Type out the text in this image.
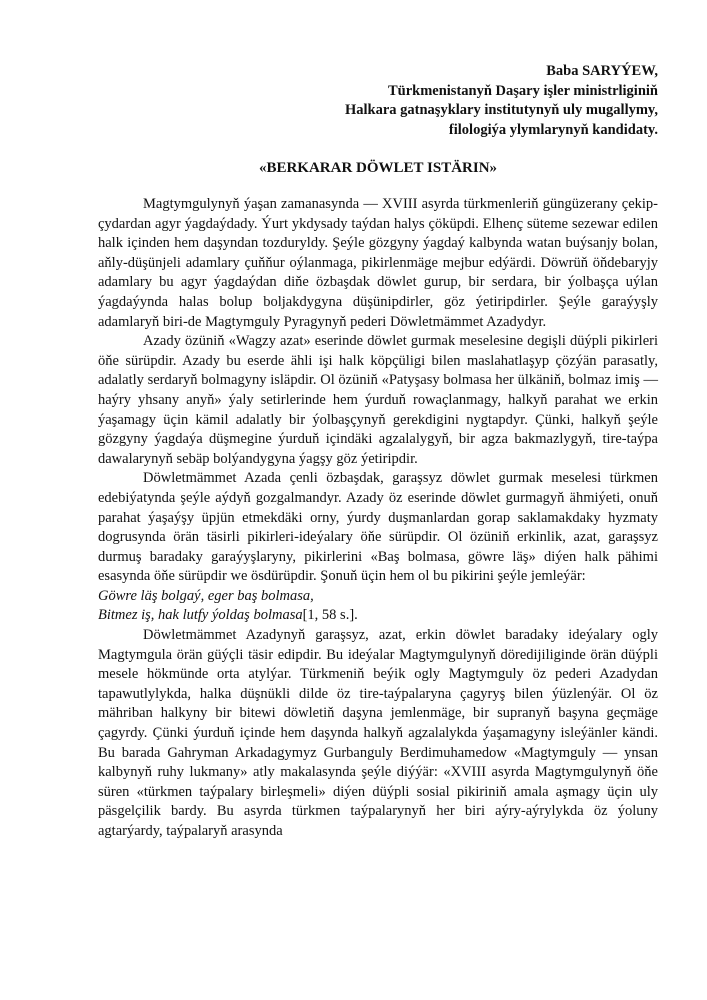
Baba SARYÝEW,
Türkmenistanyň Daşary işler ministrliginiň
Halkara gatnaşyklary institutynyň uly mugallymy,
filologiýa ylymlarynyň kandidaty.
«BERKARAR DÖWLET ISTÄRIN»

Magtymgulynyň ýaşan zamanasynda — XVIII asyrda türkmenleriň güngüzerany çekip-çydardan agyr ýagdaýdady. Ýurt ykdysady taýdan halys çöküpdi. Elhenç süteme sezewar edilen halk içinden hem daşyndan tozduryldy. Şeýle gözgyny ýagdaý kalbynda watan buýsanjy bolan, aňly-düşünjeli adamlary çuňňur oýlanmaga, pikirlenmäge mejbur edýärdi. Döwrüň öňdebaryjy adamlary bu agyr ýagdaýdan diňe özbaşdak döwlet gurup, bir serdara, bir ýolbaşça uýlan ýagdaýynda halas bolup boljakdygyna düşünipdirler, göz ýetiripdirler. Şeýle garaýyşly adamlaryň biri-de Magtymguly Pyragynyň pederi Döwletmämmet Azadydyr.

Azady özüniň «Wagzy azat» eserinde döwlet gurmak meselesine degişli düýpli pikirleri öňe sürüpdir. Azady bu eserde ähli işi halk köpçüligi bilen maslahatlaşyp çözýän parasatly, adalatly serdaryň bolmagyny isläpdir. Ol özüniň «Patyşasy bolmasa her ülkäniň, bolmaz imiş — haýry yhsany anyň» ýaly setirlerinde hem ýurduň rowaçlanmagy, halkyň parahat we erkin ýaşamagy üçin kämil adalatly bir ýolbaşçynyň gerekdigini nygtapdyr. Çünki, halkyň şeýle gözgyny ýagdaýa düşmegine ýurduň içindäki agzalalygyň, bir agza bakmazlygyň, tire-taýpa dawalarynyň sebäp bolýandygyna ýagşy göz ýetiripdir.

Döwletmämmet Azada çenli özbaşdak, garaşsyz döwlet gurmak meselesi türkmen edebiýatynda şeýle aýdyň gozgalmandyr. Azady öz eserinde döwlet gurmagyň ähmiýeti, onuň parahat ýaşaýşy üpjün etmekdäki orny, ýurdy duşmanlardan gorap saklamakdaky hyzmaty dogrusynda örän täsirli pikirleri-ideýalary öňe sürüpdir. Ol özüniň erkinlik, azat, garaşsyz durmuş baradaky garaýyşlaryny, pikirlerini «Baş bolmasa, göwre läş» diýen halk pähimi esasynda öňe sürüpdir we ösdürüpdir. Şonuň üçin hem ol bu pikirini şeýle jemleýär:

Göwre läş bolgaý, eger baş bolmasa,

Bitmez iş, hak lutfy ýoldaş bolmasa[1, 58 s.].

Döwletmämmet Azadynyň garaşsyz, azat, erkin döwlet baradaky ideýalary ogly Magtymgula örän güýçli täsir edipdir. Bu ideýalar Magtymgulynyň döredijiliginde örän düýpli mesele hökmünde orta atylýar. Türkmeniň beýik ogly Magtymguly öz pederi Azadydan tapawutlylykda, halka düşnükli dilde öz tire-taýpalaryna çagyryş bilen ýüzlenýär. Ol öz mähriban halkyny bir bitewi döwletiň daşyna jemlenmäge, bir supranyň başyna geçmäge çagyrdy. Çünki ýurduň içinde hem daşynda halkyň agzalalykda ýaşamagyny isleýänler kändi. Bu barada Gahryman Arkadagymyz Gurbanguly Berdimuhamedow «Magtymguly — ynsan kalbynyň ruhy lukmany» atly makalasynda şeýle diýýär: «XVIII asyrda Magtymgulynyň öňe süren «türkmen taýpalary birleşmeli» diýen düýpli sosial pikiriniň amala aşmagy üçin uly päsgelçilik bardy. Bu asyrda türkmen taýpalarynyň her biri aýry-aýrylykda öz ýoluny agtarýardy, taýpalaryň arasynda
